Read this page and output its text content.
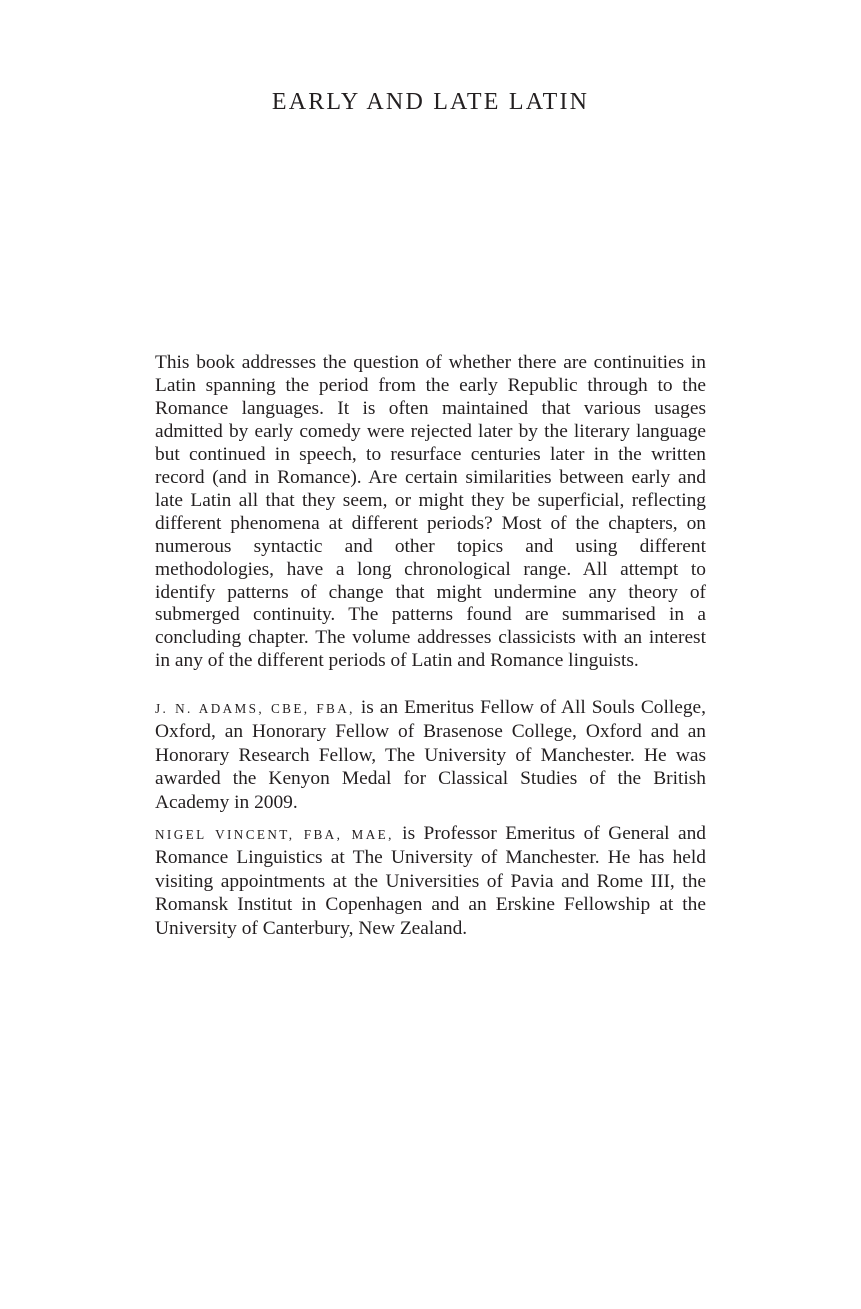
EARLY AND LATE LATIN

This book addresses the question of whether there are continuities in Latin spanning the period from the early Republic through to the Romance languages. It is often maintained that various usages admitted by early comedy were rejected later by the literary language but continued in speech, to resurface centuries later in the written record (and in Romance). Are certain similarities between early and late Latin all that they seem, or might they be superficial, reflecting different phenomena at different periods? Most of the chapters, on numerous syntactic and other topics and using different methodologies, have a long chronological range. All attempt to identify patterns of change that might undermine any theory of submerged continuity. The patterns found are summarised in a concluding chapter. The volume addresses classicists with an interest in any of the different periods of Latin and Romance linguists.

J. N. ADAMS, CBE, FBA, is an Emeritus Fellow of All Souls College, Oxford, an Honorary Fellow of Brasenose College, Oxford and an Honorary Research Fellow, The University of Manchester. He was awarded the Kenyon Medal for Classical Studies of the British Academy in 2009.

NIGEL VINCENT, FBA, MAE, is Professor Emeritus of General and Romance Linguistics at The University of Manchester. He has held visiting appointments at the Universities of Pavia and Rome III, the Romansk Institut in Copenhagen and an Erskine Fellowship at the University of Canterbury, New Zealand.
